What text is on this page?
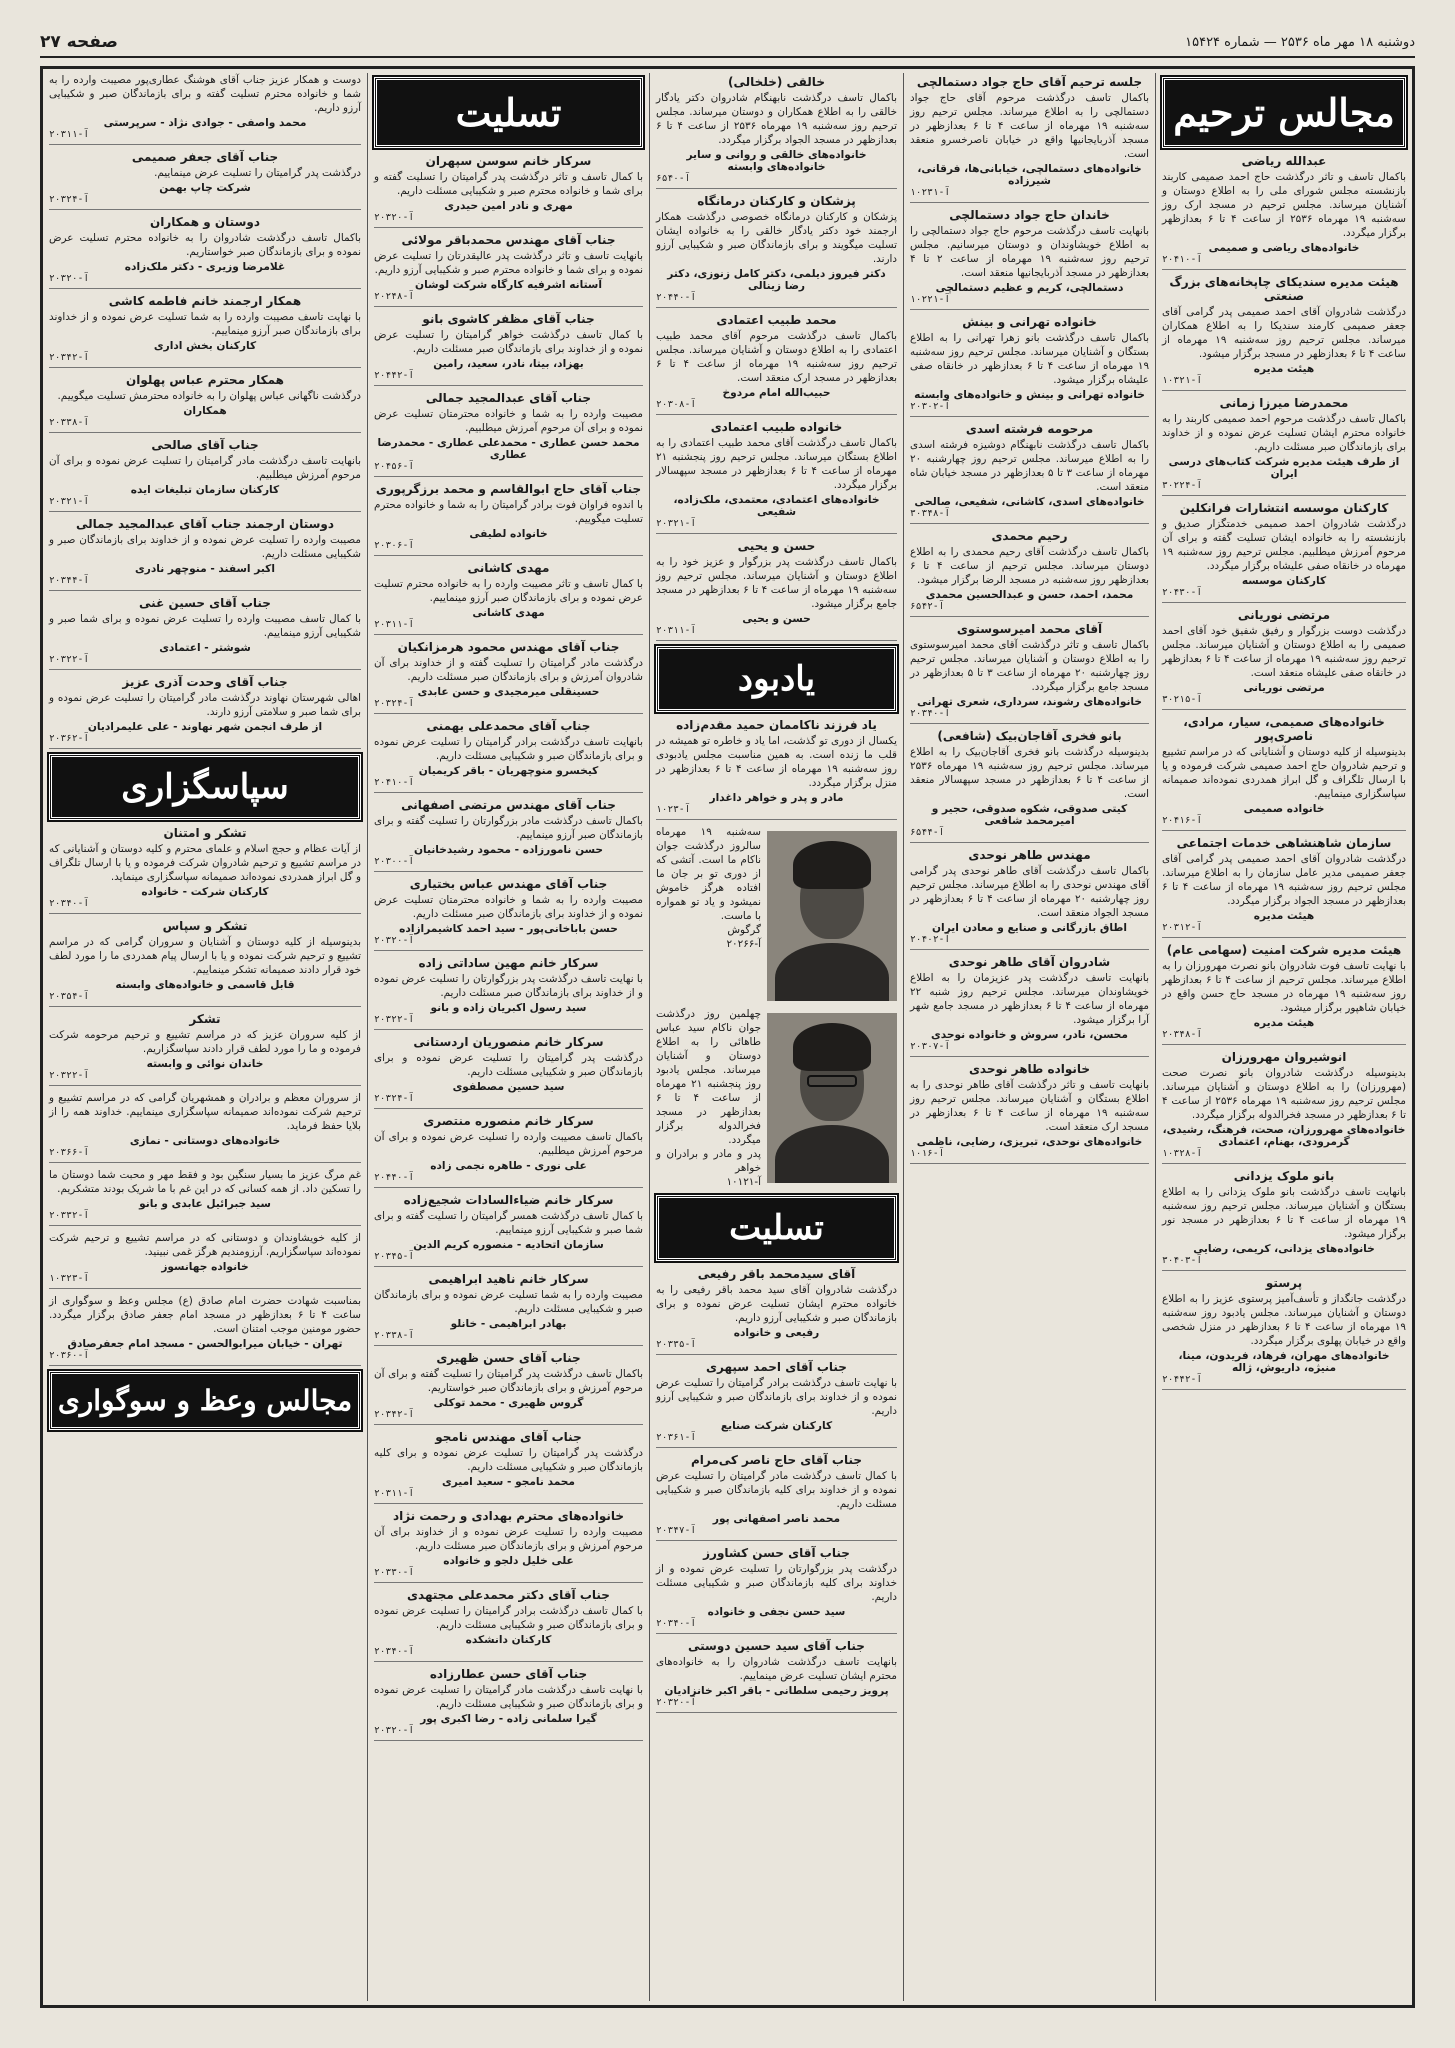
دوشنبه ۱۸ مهر ماه ۲۵۳۶ — شماره ۱۵۴۲۴
صفحه ۲۷
مجالس ترحیم
عبدالله ریاضی

باکمال تاسف و تاثر درگذشت حاج احمد صمیمی کاربند بازنشسته مجلس شورای ملی را به اطلاع دوستان و آشنایان میرساند. مجلس ترحیم در مسجد ارک روز سه‌شنبه ۱۹ مهرماه ۲۵۳۶ از ساعت ۴ تا ۶ بعدازظهر برگزار میگردد.

خانواده‌های ریاضی و صمیمی
آ-۲۰۴۱۰
هیئت مدیره سندیکای چاپخانه‌های بزرگ صنعتی

درگذشت شادروان آقای احمد صمیمی پدر گرامی آقای جعفر صمیمی کارمند سندیکا را به اطلاع همکاران میرساند. مجلس ترحیم روز سه‌شنبه ۱۹ مهرماه از ساعت ۴ تا ۶ بعدازظهر در مسجد برگزار میشود.

هیئت مدیره
آ-۱۰۳۲۱
محمدرضا میرزا زمانی

باکمال تاسف درگذشت مرحوم احمد صمیمی کاربند را به خانواده محترم ایشان تسلیت عرض نموده و از خداوند برای بازماندگان صبر مسئلت داریم.

از طرف هیئت مدیره شرکت کتاب‌های درسی ایران
آ-۳۰۲۲۴
کارکنان موسسه انتشارات فرانکلین

درگذشت شادروان احمد صمیمی خدمتگزار صدیق و بازنشسته را به خانواده ایشان تسلیت گفته و برای آن مرحوم آمرزش میطلبیم. مجلس ترحیم روز سه‌شنبه ۱۹ مهرماه در خانقاه صفی علیشاه برگزار میگردد.

کارکنان موسسه
آ-۲۰۴۳۰
مرتضی نوریانی

درگذشت دوست بزرگوار و رفیق شفیق خود آقای احمد صمیمی را به اطلاع دوستان و آشنایان میرساند. مجلس ترحیم روز سه‌شنبه ۱۹ مهرماه از ساعت ۴ تا ۶ بعدازظهر در خانقاه صفی علیشاه منعقد است.

مرتضی نوریانی
آ-۳۰۲۱۵
خانواده‌های صمیمی، سیار، مرادی، ناصری‌پور

بدینوسیله از کلیه دوستان و آشنایانی که در مراسم تشییع و ترحیم شادروان حاج احمد صمیمی شرکت فرموده و یا با ارسال تلگراف و گل ابراز همدردی نموده‌اند صمیمانه سپاسگزاری مینماییم.

خانواده صمیمی
آ-۲۰۴۱۶
سازمان شاهنشاهی خدمات اجتماعی

درگذشت شادروان آقای احمد صمیمی پدر گرامی آقای جعفر صمیمی مدیر عامل سازمان را به اطلاع میرساند. مجلس ترحیم روز سه‌شنبه ۱۹ مهرماه از ساعت ۴ تا ۶ بعدازظهر در مسجد الجواد برگزار میگردد.

هیئت مدیره
آ-۲۰۳۱۲
هیئت مدیره شرکت امنیت (سهامی عام)

با نهایت تاسف فوت شادروان بانو نصرت مهرورزان را به اطلاع میرساند. مجلس ترحیم از ساعت ۴ تا ۶ بعدازظهر روز سه‌شنبه ۱۹ مهرماه در مسجد حاج حسن واقع در خیابان شاهپور برگزار میشود.

هیئت مدیره
آ-۲۰۳۴۸
انوشیروان مهرورزان

بدینوسیله درگذشت شادروان بانو نصرت صحت (مهرورزان) را به اطلاع دوستان و آشنایان میرساند. مجلس ترحیم روز سه‌شنبه ۱۹ مهرماه ۲۵۳۶ از ساعت ۴ تا ۶ بعدازظهر در مسجد فخرالدوله برگزار میگردد.

خانواده‌های مهرورزان، صحت، فرهنگ، رشیدی، گرمرودی، بهنام، اعتمادی
آ-۱۰۳۲۸
بانو ملوک یزدانی

بانهایت تاسف درگذشت بانو ملوک یزدانی را به اطلاع بستگان و آشنایان میرساند. مجلس ترحیم روز سه‌شنبه ۱۹ مهرماه از ساعت ۴ تا ۶ بعدازظهر در مسجد نور برگزار میشود.

خانواده‌های یزدانی، کریمی، رضایی
آ-۳۰۴۰۳
پرستو

درگذشت جانگداز و تأسف‌آمیز پرستوی عزیز را به اطلاع دوستان و آشنایان میرساند. مجلس یادبود روز سه‌شنبه ۱۹ مهرماه از ساعت ۴ تا ۶ بعدازظهر در منزل شخصی واقع در خیابان پهلوی برگزار میگردد.

خانواده‌های مهران، فرهاد، فریدون، مینا، منیژه، داریوش، ژاله
آ-۲۰۴۴۲
جلسه ترحیم آقای حاج جواد دستمالچی

باکمال تاسف درگذشت مرحوم آقای حاج جواد دستمالچی را به اطلاع میرساند. مجلس ترحیم روز سه‌شنبه ۱۹ مهرماه از ساعت ۴ تا ۶ بعدازظهر در مسجد آذربایجانیها واقع در خیابان ناصرخسرو منعقد است.

خانواده‌های دستمالچی، خیابانی‌ها، فرقانی، شیرزاده
آ-۱۰۲۳۱
خاندان حاج جواد دستمالچی

بانهایت تاسف درگذشت مرحوم حاج جواد دستمالچی را به اطلاع خویشاوندان و دوستان میرسانیم. مجلس ترحیم روز سه‌شنبه ۱۹ مهرماه از ساعت ۲ تا ۴ بعدازظهر در مسجد آذربایجانیها منعقد است.

دستمالچی، کریم و عظیم دستمالچی
آ-۱۰۲۲۱
خانواده تهرانی و بینش

باکمال تاسف درگذشت بانو زهرا تهرانی را به اطلاع بستگان و آشنایان میرساند. مجلس ترحیم روز سه‌شنبه ۱۹ مهرماه از ساعت ۴ تا ۶ بعدازظهر در خانقاه صفی علیشاه برگزار میشود.

خانواده تهرانی و بینش و خانواده‌های وابسته
آ-۲۰۳۰۲
مرحومه فرشته اسدی

باکمال تاسف درگذشت نابهنگام دوشیزه فرشته اسدی را به اطلاع میرساند. مجلس ترحیم روز چهارشنبه ۲۰ مهرماه از ساعت ۳ تا ۵ بعدازظهر در مسجد خیابان شاه منعقد است.

خانواده‌های اسدی، کاشانی، شفیعی، صالحی
آ-۳۰۳۴۸
رحیم محمدی

باکمال تاسف درگذشت آقای رحیم محمدی را به اطلاع دوستان میرساند. مجلس ترحیم از ساعت ۴ تا ۶ بعدازظهر روز سه‌شنبه در مسجد الرضا برگزار میشود.

محمد، احمد، حسن و عبدالحسین محمدی
آ-۶۵۴۲
آقای محمد امیرسوستوی

باکمال تاسف و تاثر درگذشت آقای محمد امیرسوستوی را به اطلاع دوستان و آشنایان میرساند. مجلس ترحیم روز چهارشنبه ۲۰ مهرماه از ساعت ۳ تا ۵ بعدازظهر در مسجد جامع برگزار میگردد.

خانواده‌های رشوند، سرداری، شعری تهرانی
آ-۲۰۳۴۰
بانو فخری آقاجان‌بیک (شافعی)

بدینوسیله درگذشت بانو فخری آقاجان‌بیک را به اطلاع میرساند. مجلس ترحیم روز سه‌شنبه ۱۹ مهرماه ۲۵۳۶ از ساعت ۴ تا ۶ بعدازظهر در مسجد سپهسالار منعقد است.

کیتی صدوقی، شکوه صدوقی، حجیر و امیرمحمد شافعی
آ-۶۵۴۴
مهندس طاهر نوحدی

باکمال تاسف درگذشت آقای طاهر نوحدی پدر گرامی آقای مهندس نوحدی را به اطلاع میرساند. مجلس ترحیم روز چهارشنبه ۲۰ مهرماه از ساعت ۴ تا ۶ بعدازظهر در مسجد الجواد منعقد است.

اطاق بازرگانی و صنایع و معادن ایران
آ-۲۰۴۰۲
شادروان آقای طاهر نوحدی

بانهایت تاسف درگذشت پدر عزیزمان را به اطلاع خویشاوندان میرساند. مجلس ترحیم روز شنبه ۲۲ مهرماه از ساعت ۴ تا ۶ بعدازظهر در مسجد جامع شهر آرا برگزار میشود.

محسن، نادر، سروش و خانواده نوحدی
آ-۲۰۳۰۷
خانواده طاهر نوحدی

بانهایت تاسف و تاثر درگذشت آقای طاهر نوحدی را به اطلاع بستگان و آشنایان میرساند. مجلس ترحیم روز سه‌شنبه ۱۹ مهرماه از ساعت ۴ تا ۶ بعدازظهر در مسجد ارک منعقد است.

خانواده‌های نوحدی، تبریزی، رضایی، ناظمی
آ-۱۰۱۶
خالقی (خلخالی)

باکمال تاسف درگذشت نابهنگام شادروان دکتر یادگار خالقی را به اطلاع همکاران و دوستان میرساند. مجلس ترحیم روز سه‌شنبه ۱۹ مهرماه ۲۵۳۶ از ساعت ۴ تا ۶ بعدازظهر در مسجد الجواد برگزار میگردد.

خانواده‌های خالقی و روانی و سایر خانواده‌های وابسته
آ-۶۵۴۰
پزشکان و کارکنان درمانگاه

پزشکان و کارکنان درمانگاه خصوصی درگذشت همکار ارجمند خود دکتر یادگار خالقی را به خانواده ایشان تسلیت میگویند و برای بازماندگان صبر و شکیبایی آرزو دارند.

دکتر فیروز دیلمی، دکتر کامل زنوزی، دکتر رضا زینالی
آ-۲۰۴۴۰
محمد طبیب اعتمادی

باکمال تاسف درگذشت مرحوم آقای محمد طبیب اعتمادی را به اطلاع دوستان و آشنایان میرساند. مجلس ترحیم روز سه‌شنبه ۱۹ مهرماه از ساعت ۴ تا ۶ بعدازظهر در مسجد ارک منعقد است.

حبیب‌الله امام مردوخ
آ-۲۰۳۰۸
خانواده طبیب اعتمادی

باکمال تاسف درگذشت آقای محمد طبیب اعتمادی را به اطلاع بستگان میرساند. مجلس ترحیم روز پنجشنبه ۲۱ مهرماه از ساعت ۴ تا ۶ بعدازظهر در مسجد سپهسالار برگزار میگردد.

خانواده‌های اعتمادی، معتمدی، ملک‌زاده، شفیعی
آ-۲۰۳۲۱
حسن و یحیی

باکمال تاسف درگذشت پدر بزرگوار و عزیز خود را به اطلاع دوستان و آشنایان میرساند. مجلس ترحیم روز سه‌شنبه ۱۹ مهرماه از ساعت ۴ تا ۶ بعدازظهر در مسجد جامع برگزار میشود.

حسن و یحیی
آ-۲۰۳۱۱
یادبود
یاد فرزند ناکاممان حمید مقدم‌زاده

یکسال از دوری تو گذشت، اما یاد و خاطره تو همیشه در قلب ما زنده است. به همین مناسبت مجلس یادبودی روز سه‌شنبه ۱۹ مهرماه از ساعت ۴ تا ۶ بعدازظهر در منزل برگزار میگردد.

مادر و پدر و خواهر داغدار
آ-۱۰۲۳
سه‌شنبه ۱۹ مهرماه سالروز درگذشت جوان ناکام ما است. آتشی که از دوری تو بر جان ما افتاده هرگز خاموش نمیشود و یاد تو همواره با ماست.
گرگوش
آ-۲۰۲۶۶
چهلمین روز درگذشت جوان ناکام سید عباس طاهائی را به اطلاع دوستان و آشنایان میرساند. مجلس یادبود روز پنجشنبه ۲۱ مهرماه از ساعت ۴ تا ۶ بعدازظهر در مسجد فخرالدوله برگزار میگردد.
پدر و مادر و برادران و خواهر
آ-۱۰۱۲۱
تسلیت
آقای سیدمحمد باقر رفیعی

درگذشت شادروان آقای سید محمد باقر رفیعی را به خانواده محترم ایشان تسلیت عرض نموده و برای بازماندگان صبر و شکیبایی آرزو داریم.

رفیعی و خانواده
آ-۲۰۳۳۵
جناب آقای احمد سپهری

با نهایت تاسف درگذشت برادر گرامیتان را تسلیت عرض نموده و از خداوند برای بازماندگان صبر و شکیبایی آرزو داریم.

کارکنان شرکت صنایع
آ-۲۰۳۶۱
جناب آقای حاج ناصر کی‌مرام

با کمال تاسف درگذشت مادر گرامیتان را تسلیت عرض نموده و از خداوند برای کلیه بازماندگان صبر و شکیبایی مسئلت داریم.

محمد ناصر اصفهانی پور
آ-۲۰۳۴۷
جناب آقای حسن کشاورز

درگذشت پدر بزرگوارتان را تسلیت عرض نموده و از خداوند برای کلیه بازماندگان صبر و شکیبایی مسئلت داریم.

سید حسن نجفی و خانواده
آ-۲۰۳۴۰
جناب آقای سید حسین دوستی

بانهایت تاسف درگذشت شادروان را به خانواده‌های محترم ایشان تسلیت عرض مینماییم.

پرویز رحیمی سلطانی - باقر اکبر خانزادیان
آ-۲۰۳۲۰
تسلیت
سرکار خانم سوسن سپهران

با کمال تاسف و تاثر درگذشت پدر گرامیتان را تسلیت گفته و برای شما و خانواده محترم صبر و شکیبایی مسئلت داریم.

مهری و نادر امین حیدری
آ-۲۰۳۲۰
جناب آقای مهندس محمدباقر مولائی

بانهایت تاسف و تاثر درگذشت پدر عالیقدرتان را تسلیت عرض نموده و برای شما و خانواده محترم صبر و شکیبایی آرزو داریم.

آستانه اشرفیه کارگاه شرکت لوشان
آ-۲۰۲۴۸
جناب آقای مظفر کاشوی بانو

با کمال تاسف درگذشت خواهر گرامیتان را تسلیت عرض نموده و از خداوند برای بازماندگان صبر مسئلت داریم.

بهزاد، بیتا، نادر، سعید، رامین
آ-۲۰۴۴۲
جناب آقای عبدالمجید جمالی

مصیبت وارده را به شما و خانواده محترمتان تسلیت عرض نموده و برای آن مرحوم آمرزش میطلبیم.

محمد حسن عطاری - محمدعلی عطاری - محمدرضا عطاری
آ-۲۰۴۵۶
جناب آقای حاج ابوالقاسم و محمد برزگرپوری

با اندوه فراوان فوت برادر گرامیتان را به شما و خانواده محترم تسلیت میگوییم.

خانواده لطیفی
آ-۲۰۳۰۶
مهدی کاشانی

با کمال تاسف و تاثر مصیبت وارده را به خانواده محترم تسلیت عرض نموده و برای بازماندگان صبر آرزو مینماییم.

مهدی کاشانی
آ-۲۰۳۱۱
جناب آقای مهندس محمود هرمزانکیان

درگذشت مادر گرامیتان را تسلیت گفته و از خداوند برای آن شادروان آمرزش و برای بازماندگان صبر مسئلت داریم.

حسینقلی میرمجیدی و حسن عابدی
آ-۲۰۳۲۴
جناب آقای محمدعلی بهمنی

بانهایت تاسف درگذشت برادر گرامیتان را تسلیت عرض نموده و برای بازماندگان صبر و شکیبایی مسئلت داریم.

کیخسرو منوچهریان - باقر کریمیان
آ-۲۰۴۱۰
جناب آقای مهندس مرتضی اصفهانی

باکمال تاسف درگذشت مادر بزرگوارتان را تسلیت گفته و برای بازماندگان صبر آرزو مینماییم.

حسن نامورزاده - محمود رشیدخانیان
آ-۲۰۳۰۰
جناب آقای مهندس عباس بختیاری

مصیبت وارده را به شما و خانواده محترمتان تسلیت عرض نموده و از خداوند برای بازماندگان صبر مسئلت داریم.

حسن باباخانی‌پور - سید احمد کاشیمرازاده
آ-۲۰۳۲۰
سرکار خانم مهین ساداتی زاده

با نهایت تاسف درگذشت پدر بزرگوارتان را تسلیت عرض نموده و از خداوند برای بازماندگان صبر مسئلت داریم.

سید رسول اکبریان زاده و بانو
آ-۲۰۳۲۲
سرکار خانم منصوریان اردستانی

درگذشت پدر گرامیتان را تسلیت عرض نموده و برای بازماندگان صبر و شکیبایی مسئلت داریم.

سید حسین مصطفوی
آ-۲۰۳۲۴
سرکار خانم منصوره منتصری

باکمال تاسف مصیبت وارده را تسلیت عرض نموده و برای آن مرحوم آمرزش میطلبیم.

علی نوری - طاهره نجمی زاده
آ-۲۰۴۴۰
سرکار خانم ضیاءالسادات شجیع‌زاده

با کمال تاسف درگذشت همسر گرامیتان را تسلیت گفته و برای شما صبر و شکیبایی آرزو مینماییم.

سازمان اتحادیه - منصوره کریم الدین
آ-۲۰۳۴۵
سرکار خانم ناهید ابراهیمی

مصیبت وارده را به شما تسلیت عرض نموده و برای بازماندگان صبر و شکیبایی مسئلت داریم.

بهادر ابراهیمی - خانلو
آ-۲۰۳۳۸
جناب آقای حسن ظهیری

باکمال تاسف درگذشت پدر گرامیتان را تسلیت گفته و برای آن مرحوم آمرزش و برای بازماندگان صبر خواستاریم.

گروس ظهیری - محمد توکلی
آ-۲۰۳۴۲
جناب آقای مهندس نامجو

درگذشت پدر گرامیتان را تسلیت عرض نموده و برای کلیه بازماندگان صبر و شکیبایی مسئلت داریم.

محمد نامجو - سعید امیری
آ-۲۰۳۱۱
خانواده‌های محترم بهدادی و رحمت نژاد

مصیبت وارده را تسلیت عرض نموده و از خداوند برای آن مرحوم آمرزش و برای بازماندگان صبر مسئلت داریم.

علی خلیل دلجو و خانواده
آ-۲۰۳۳۰
جناب آقای دکتر محمدعلی مجتهدی

با کمال تاسف درگذشت برادر گرامیتان را تسلیت عرض نموده و برای بازماندگان صبر و شکیبایی مسئلت داریم.

کارکنان دانشکده
آ-۲۰۳۴۰
جناب آقای حسن عطارزاده

با نهایت تاسف درگذشت مادر گرامیتان را تسلیت عرض نموده و برای بازماندگان صبر و شکیبایی مسئلت داریم.

گیرا سلمانی زاده - رضا اکبری پور
آ-۲۰۳۲۰

دوست و همکار عزیز جناب آقای هوشنگ عطاری‌پور مصیبت وارده را به شما و خانواده محترم تسلیت گفته و برای بازماندگان صبر و شکیبایی آرزو داریم.

محمد واصفی - جوادی نژاد - سرپرستی
آ-۲۰۳۱۱
جناب آقای جعفر صمیمی

درگذشت پدر گرامیتان را تسلیت عرض مینماییم.

شرکت چاپ بهمن
آ-۲۰۳۲۴
دوستان و همکاران

باکمال تاسف درگذشت شادروان را به خانواده محترم تسلیت عرض نموده و برای بازماندگان صبر خواستاریم.

غلامرضا وزیری - دکتر ملک‌زاده
آ-۲۰۳۲۰
همکار ارجمند خانم فاطمه کاشی

با نهایت تاسف مصیبت وارده را به شما تسلیت عرض نموده و از خداوند برای بازماندگان صبر آرزو مینماییم.

کارکنان بخش اداری
آ-۲۰۳۴۲
همکار محترم عباس پهلوان

درگذشت ناگهانی عباس پهلوان را به خانواده محترمش تسلیت میگوییم.

همکاران
آ-۲۰۳۳۸
جناب آقای صالحی

بانهایت تاسف درگذشت مادر گرامیتان را تسلیت عرض نموده و برای آن مرحوم آمرزش میطلبیم.

کارکنان سازمان تبلیغات ایده
آ-۲۰۳۲۱
دوستان ارجمند جناب آقای عبدالمجید جمالی

مصیبت وارده را تسلیت عرض نموده و از خداوند برای بازماندگان صبر و شکیبایی مسئلت داریم.

اکبر اسفند - منوچهر نادری
آ-۲۰۳۴۴
جناب آقای حسین غنی

با کمال تاسف مصیبت وارده را تسلیت عرض نموده و برای شما صبر و شکیبایی آرزو مینماییم.

شوشتر - اعتمادی
آ-۲۰۳۲۲
جناب آقای وحدت آذری عزیز

اهالی شهرستان نهاوند درگذشت مادر گرامیتان را تسلیت عرض نموده و برای شما صبر و سلامتی آرزو دارند.

از طرف انجمن شهر نهاوند - علی علیمرادیان
آ-۲۰۳۶۲
سپاسگزاری
تشکر و امتنان

از آیات عظام و حجج اسلام و علمای محترم و کلیه دوستان و آشنایانی که در مراسم تشییع و ترحیم شادروان شرکت فرموده و یا با ارسال تلگراف و گل ابراز همدردی نموده‌اند صمیمانه سپاسگزاری مینماید.

کارکنان شرکت - خانواده
آ-۲۰۳۴۰
تشکر و سپاس

بدینوسیله از کلیه دوستان و آشنایان و سروران گرامی که در مراسم تشییع و ترحیم شرکت نموده و یا با ارسال پیام همدردی ما را مورد لطف خود قرار دادند صمیمانه تشکر مینماییم.

قابل قاسمی و خانواده‌های وابسته
آ-۲۰۳۵۴
تشکر

از کلیه سروران عزیز که در مراسم تشییع و ترحیم مرحومه شرکت فرموده و ما را مورد لطف قرار دادند سپاسگزاریم.

خاندان نوائی و وابسته
آ-۲۰۳۲۲

از سروران معظم و برادران و همشهریان گرامی که در مراسم تشییع و ترحیم شرکت نموده‌اند صمیمانه سپاسگزاری مینماییم. خداوند همه را از بلایا حفظ فرماید.

خانواده‌های دوستانی - نمازی
آ-۲۰۳۶۶

غم مرگ عزیز ما بسیار سنگین بود و فقط مهر و محبت شما دوستان ما را تسکین داد. از همه کسانی که در این غم با ما شریک بودند متشکریم.

سید جبرائیل عابدی و بانو
آ-۲۰۳۳۲

از کلیه خویشاوندان و دوستانی که در مراسم تشییع و ترحیم شرکت نموده‌اند سپاسگزاریم. آرزومندیم هرگز غمی نبینید.

خانواده جهانسوز
آ-۱۰۳۲۳

بمناسبت شهادت حضرت امام صادق (ع) مجلس وعظ و سوگواری از ساعت ۴ تا ۶ بعدازظهر در مسجد امام جعفر صادق برگزار میگردد. حضور مومنین موجب امتنان است.

تهران - خیابان میرابوالحسن - مسجد امام جعفرصادق
آ-۲۰۳۶۰
مجالس وعظ و سوگواری
